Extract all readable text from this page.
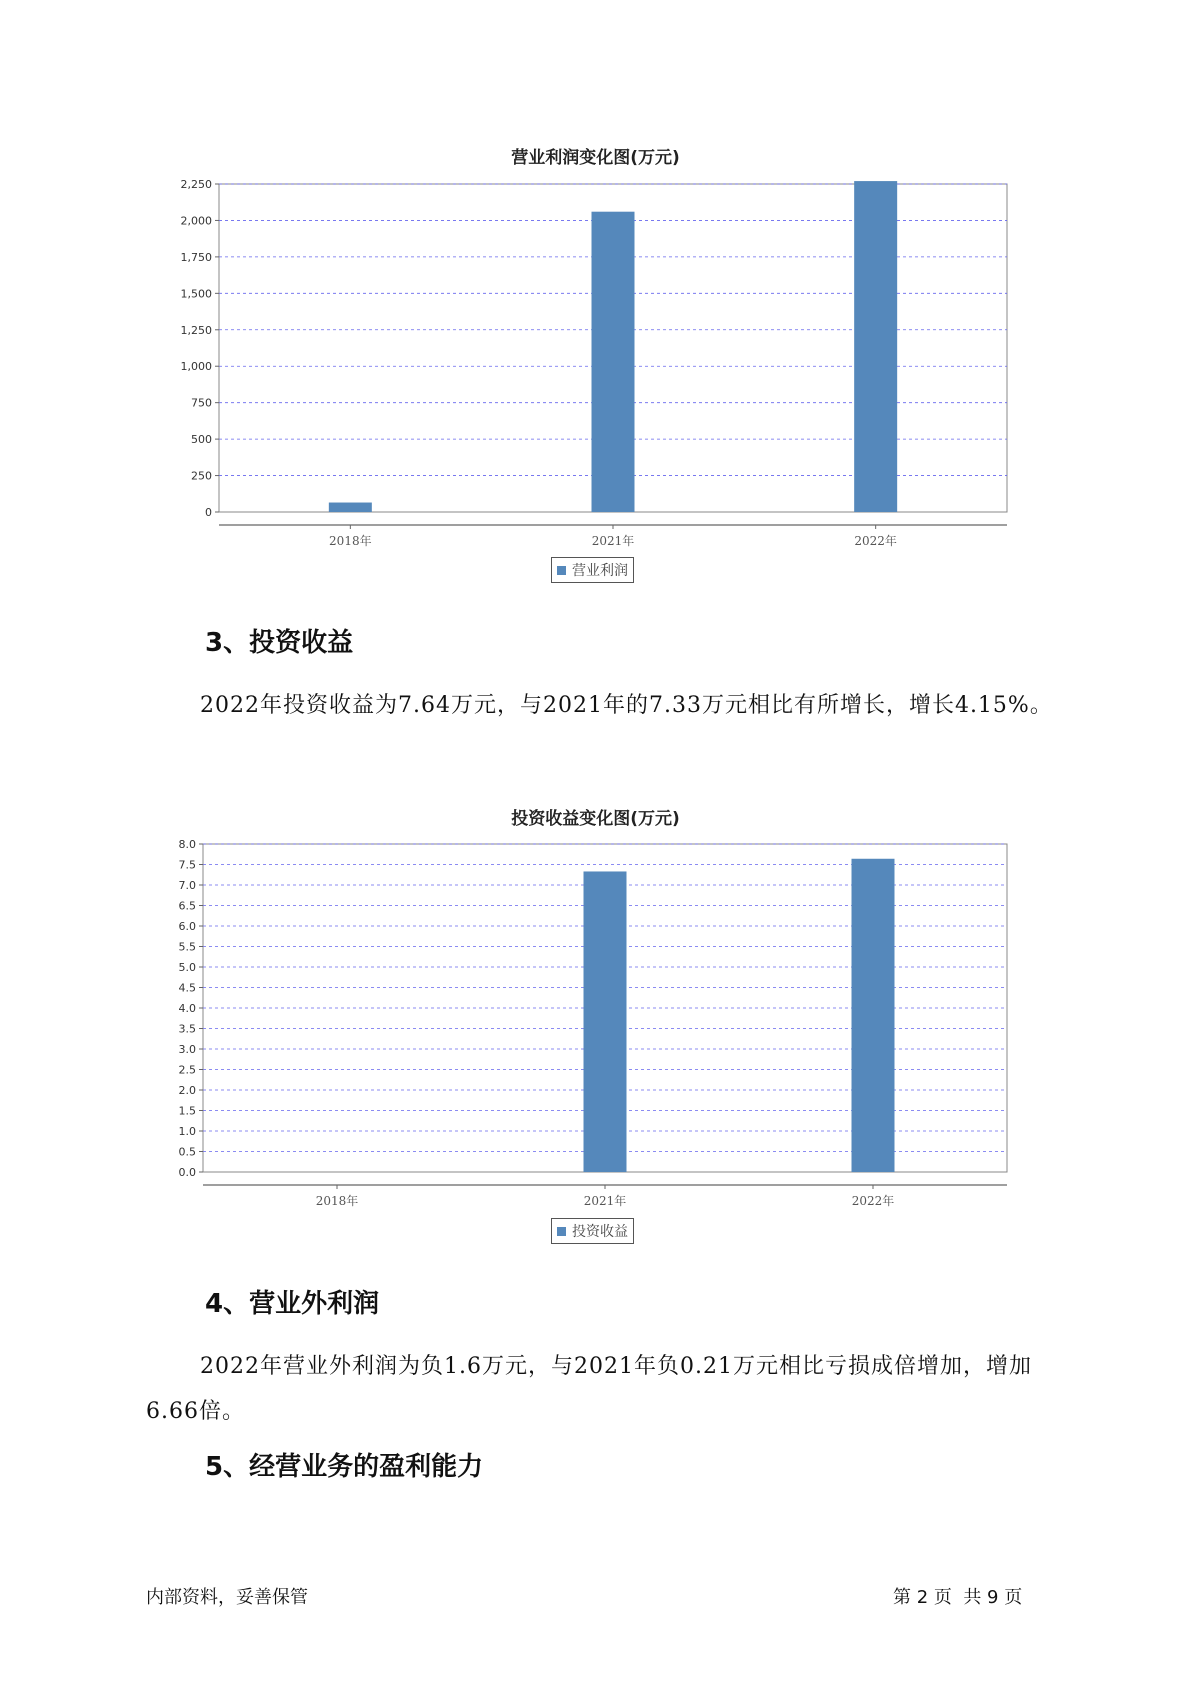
营业利润变化图(万元)
0
250
500
750
1,000
1,250
1,500
1,750
2,000
2,250
2018年	2021年	2022年
营业利润
3、投资收益
2022年投资收益为7.64万元，与2021年的7.33万元相比有所增长，增长4.15%。
投资收益变化图(万元)
0.0
0.5
1.0
1.5
2.0
2.5
3.0
3.5
4.0
4.5
5.0
5.5
6.0
6.5
7.0
7.5
8.0
2018年	2021年	2022年
投资收益
4、营业外利润
2022年营业外利润为负1.6万元，与2021年负0.21万元相比亏损成倍增加，增加6.66倍。
5、经营业务的盈利能力
内部资料，妥善保管	第 2 页  共 9 页
